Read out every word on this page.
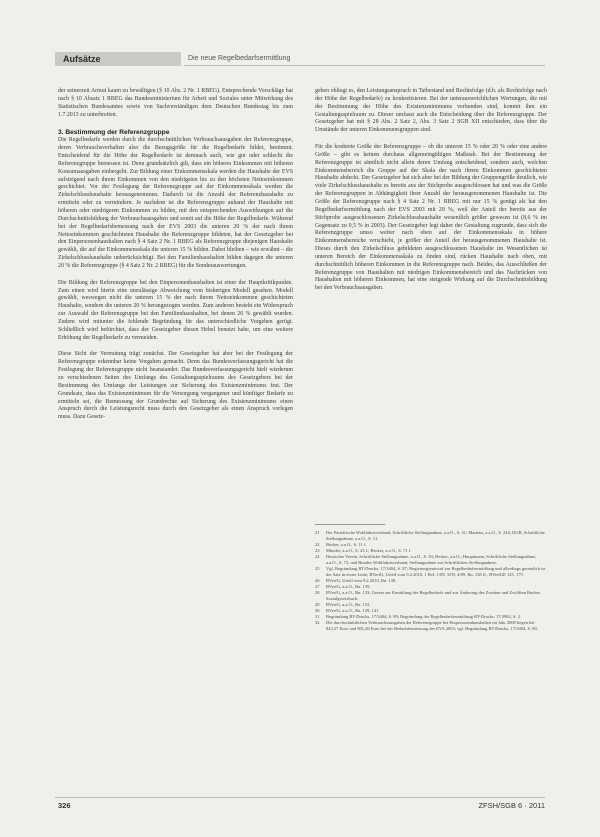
Aufsätze	Die neue Regelbedarfsermittlung

der seinerzeit Armut kaum zu bewältigen (§ 10 Abs. 2 Nr. 1 RBEG). Entsprechende Vorschläge hat nach § 10 Absatz 1 RBEG das Bundesministerium für Arbeit und Soziales unter Mitwirkung des Statistischen Bundesamtes sowie von Sachverständigen dem Deutschen Bundestag bis zum 1.7.2013 zu unterbreiten.

3. Bestimmung der Referenzgruppe

Die Regelbedarfe werden durch die durchschnittlichen Verbrauchsausgaben der Referenzgruppe, deren Verbrauchsverhalten also die Bezugsgröße für die Regelbedarfe bildet, bestimmt. Entscheidend für die Höhe der Regelbedarfe ist demnach auch, wie gut oder schlecht die Referenzgruppe bemessen ist. Denn grundsätzlich gilt, dass ein höheres Einkommen mit höheren Konsumausgaben einhergeht. Zur Bildung einer Einkommensskala werden die Haushalte der EVS aufsteigend nach ihrem Einkommen von den niedrigsten bis zu den höchsten Nettoeinkommen geschichtet. Vor der Festlegung der Referenzgruppe auf der Einkommensskala werden die Zirkelschlusshaushalte herausgenommen. Dadurch ist die Anzahl der Referenzhaushalte zu ermitteln oder zu vermindern. Je nachdem ist die Referenzgruppe anhand der Haushalte mit höheren oder niedrigeren Einkommen zu bilden, mit den entsprechenden Auswirkungen auf die Durchschnittsbildung der Verbrauchsausgaben und somit auf die Höhe der Regelbedarfe. Während bei der Regelbedarfsbemessung nach der EVS 2003 die unteren 20 % der nach ihrem Nettoeinkommen geschichteten Haushalte die Referenzgruppe bildeten, hat der Gesetzgeber bei den Einpersonenhaushalten nach § 4 Satz 2 Nr. 1 RBEG als Referenzgruppe diejenigen Haushalte gewählt, die auf der Einkommensskala die unteren 15 % bilden. Dabei bleiben – wie erwähnt – die Zirkelschlusshaushalte unberücksichtigt. Bei den Familienhaushalten bilden dagegen die unteren 20 % die Referenzgruppe (§ 4 Satz 2 Nr. 2 RBEG) für die Sonderauswertungen.

Die Bildung der Referenzgruppe bei den Einpersonenhaushalten ist einer der Hauptkritikpunkte. Zum einen wird hierin eine unzulässige Abweichung vom bisherigen Modell gesehen. Modell gewählt, weswegen nicht die unteren 15 % der nach ihrem Nettoeinkommen geschichteten Haushalte, sondern die unteren 20 % herangezogen werden. Zum anderen besteht ein Widerspruch zur Auswahl der Referenzgruppe bei den Familienhaushalten, bei denen 20 % gewählt wurden. Zudem wird mitunter die fehlende Begründung für das unterschiedliche Vorgehen gerügt. Schließlich wird befürchtet, dass der Gesetzgeber diesen Hebel benutzt habe, um eine weitere Erhöhung der Regelbedarfe zu vermeiden.

Diese Sicht der Vermutung trägt zunächst. Der Gesetzgeber hat aber bei der Festlegung der Referenzgruppe erkennbar keine Vorgaben gemacht. Denn das Bundesverfassungsgericht hat die Festlegung der Referenzgruppe nicht beanstandet. Das Bundesverfassungsgericht hielt wiederum zu verschiedenen Seiten des Umfangs des Gestaltungsspielraums des Gesetzgebers bei der Bestimmung des Umfangs der Leistungen zur Sicherung des Existenzminimums fest. Der Grundsatz, dass das Existenzminimum für die Versorgung vergangener und künftiger Bedarfe zu ermitteln sei, die Bemessung der Grundrechte auf Sicherung des Existenzminimums einen Anspruch durch die Leistungsrecht muss durch den Gesetzgeber als einen Anspruch vorlegen muss. Dazu Gesetz-

geben obliegt es, den Leistungsanspruch in Tatbestand und Rechtsfolge (d.h. als Rechtsfolge nach der Höhe der Regelbedarfe) zu konkretisieren. Bei der unterausweichlichen Wertungen, die mit der Bestimmung der Höhe des Existenzminimums verbunden sind, kommt ihm ein Gestaltungsspielraum zu. Dieser umfasst auch die Entscheidung über die Referenzgruppe. Der Gesetzgeber hat mit § 28 Abs. 2 Satz 2, Abs. 3 Satz 2 SGB XII entschieden, dass über die Umstände der unteren Einkommensgruppen sind.

Für die konkrete Größe der Referenzgruppe – ob die unteren 15 % oder 20 % oder eine andere Größe – gibt es keinen durchaus allgemeingültigen Maßstab. Bei der Bestimmung der Referenzgruppe ist sämtlich nicht allein deren Umfang entscheidend, sondern auch, welchen Einkommensbereich die Gruppe auf der Skala der nach ihrem Einkommen geschichteten Haushalte abdeckt. Der Gesetzgeber hat sich aber bei der Bildung der Gruppengröße deutlich, wie viele Zirkelschlusshaushalte es bereits aus der Stichprobe ausgeschlossen hat und was die Größe der Referenzgruppen in Abhängigkeit ihrer Anzahl der herausgenommenen Haushalte ist. Die Größe der Referenzgruppe nach § 4 Satz 2 Nr. 1 RBEG mit nur 15 % genügt als hat den Regelbedarfsermittlung nach der EVS 2003 mit 20 %, weil der Anteil der bereits aus der Stichprobe ausgeschlossenen Zirkelschlusshaushalte wesentlich größer gewesen ist (8,6 % im Gegensatz zu 0,5 % in 2003). Der Gesetzgeber legt daher der Gestaltung zugrunde, dass sich die Referenzgruppe umso weiter nach oben auf der Einkommensskala in höhere Einkommensbereiche verschiebt, je größer der Anteil der herausgenommenen Haushalte ist. Dieses durch den Zirkelschluss gebildeten ausgeschlossenen Haushalte im Wesentlichen ist unteren Bereich der Einkommensskala zu finden sind, rücken Haushalte nach oben, mit durchschnittlich höheren Einkommen in die Referenzgruppe nach. Beides, das Ausschließen der Referenzgruppe von Haushalten mit niedrigen Einkommensbereich und das Nachrücken von Haushalten mit höheren Einkommen, hat eine steigende Wirkung auf die Durchschnittsbildung bei den Verbrauchsausgaben.

21	Der Paritätische Wohlfahrtsverband, Schriftliche Stellungnahme, a.a.O., S. 31; Martens, a.a.O., S. 244; DGB, Schriftliche Stellungnahme, a.a.O., S. 11.
22	Becker, a.a.O., S. 11 f.
23	Münder, a.a.O., S. 23 f.; Becker, a.a.O., S. 71 f.
24	Deutscher Verein, Schriftliche Stellungnahme, a.a.O., S. 33; Becker, a.a.O.; Hauptmann, Schriftliche Stellungnahme, a.a.O., S. 72, und Bundes Wohlfahrtsverband, Stellungnahme zur Schriftlichen Stellungnahme.
25	Vgl. Begründung BT-Drucks. 17/3404, S. 87; Regierungsentwurf zur Regelbedarfsermittlung und allerdings gesetzlich ist der Satz in erster Linie; BVerfG, Urteil vom 9.2.2010, 1 BvL 1/09, 3/09, 4/09, Rn. 138 ff., BVerfGE 125, 175.
26	BVerfG, Urteil vom 9.2.2010, Rn. 138.
27	BVerfG, a.a.O., Rn. 139.
28	BVerfG, a.a.O., Rn. 133; Gesetz zur Ermittlung der Regelbedarfe und zur Änderung des Zweiten und Zwölften Buches Sozialgesetzbuch.
29	BVerfG, a.a.O., Rn. 133.
30	BVerfG, a.a.O., Rn. 139, 141.
31	Begründung BT-Drucks. 17/3404, S. 89; Begründung der Regelbedarfsermittlung BT-Drucks. 17/3982, S. 2.
32	Die durchschnittlichen Verbrauchsausgaben der Referenzgruppe bei Einpersonenhaushalten im Jahr 2008 liegen bei 843,27 Euro und 901,26 Euro bei der Bedarfsbemessung der EVS 2003; vgl. Begründung BT-Drucks. 17/3404, S. 89.
326	ZFSH/SGB 6 · 2011
